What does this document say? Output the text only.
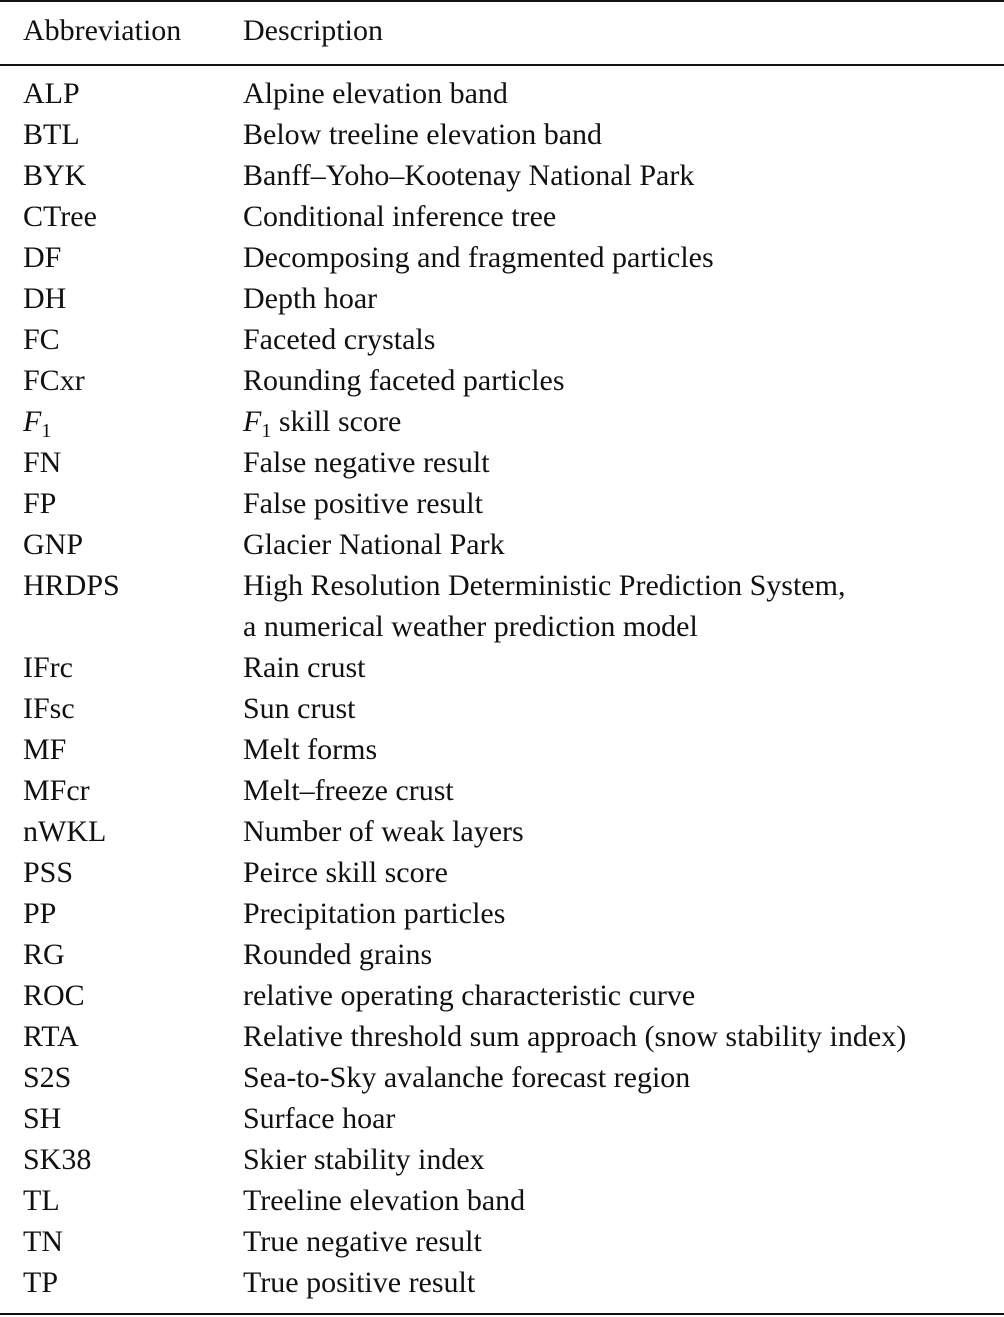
Abbreviation Description
ALP	Alpine elevation band
BTL	Below treeline elevation band
BYK	Banff–Yoho–Kootenay National Park
CTree	Conditional inference tree
DF	Decomposing and fragmented particles
DH	Depth hoar
FC	Faceted crystals
FCxr	Rounding faceted particles
$F_1$	$F_1$ skill score
FN	False negative result
FP	False positive result
GNP	Glacier National Park
HRDPS	High Resolution Deterministic Prediction System,
a numerical weather prediction model
IFrc	Rain crust
IFsc	Sun crust
MF	Melt forms
MFcr	Melt–freeze crust
nWKL	Number of weak layers
PSS	Peirce skill score
PP	Precipitation particles
RG	Rounded grains
ROC	relative operating characteristic curve
RTA	Relative threshold sum approach (snow stability index)
S2S	Sea-to-Sky avalanche forecast region
SH	Surface hoar
SK38	Skier stability index
TL	Treeline elevation band
TN	True negative result
TP	True positive result
